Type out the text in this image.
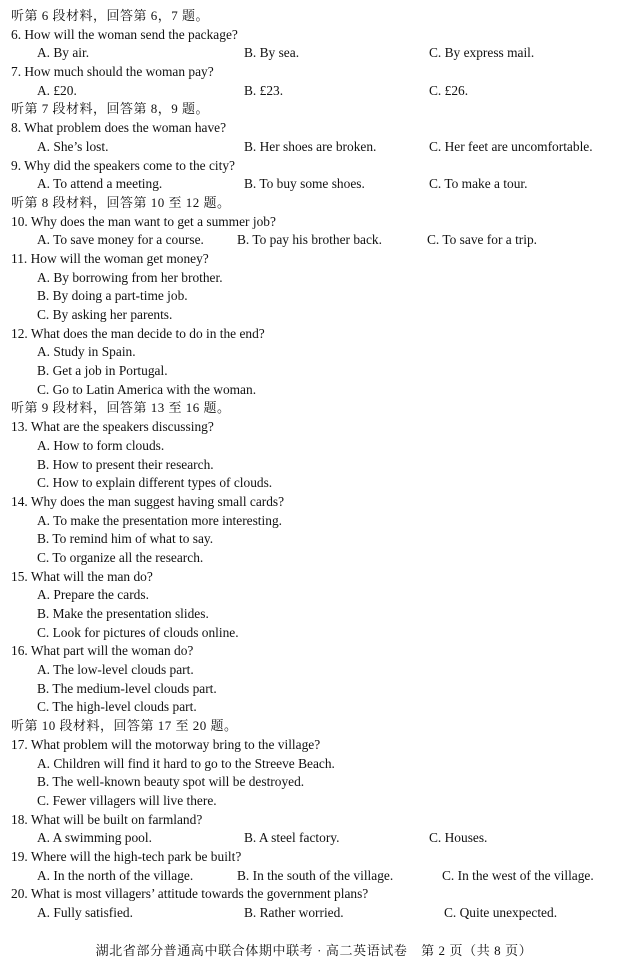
听第 6 段材料，回答第 6，7 题。
6. How will the woman send the package?
A. By air.	B. By sea.	C. By express mail.
7. How much should the woman pay?
A. £20.	B. £23.	C. £26.
听第 7 段材料，回答第 8，9 题。
8. What problem does the woman have?
A. She’s lost.	B. Her shoes are broken.	C. Her feet are uncomfortable.
9. Why did the speakers come to the city?
A. To attend a meeting.	B. To buy some shoes.	C. To make a tour.
听第 8 段材料，回答第 10 至 12 题。
10. Why does the man want to get a summer job?
A. To save money for a course. B. To pay his brother back.	C. To save for a trip.
11. How will the woman get money?
A. By borrowing from her brother.
B. By doing a part-time job.
C. By asking her parents.
12. What does the man decide to do in the end?
A. Study in Spain.
B. Get a job in Portugal.
C. Go to Latin America with the woman.
听第 9 段材料，回答第 13 至 16 题。
13. What are the speakers discussing?
A. How to form clouds.
B. How to present their research.
C. How to explain different types of clouds.
14. Why does the man suggest having small cards?
A. To make the presentation more interesting.
B. To remind him of what to say.
C. To organize all the research.
15. What will the man do?
A. Prepare the cards.
B. Make the presentation slides.
C. Look for pictures of clouds online.
16. What part will the woman do?
A. The low-level clouds part.
B. The medium-level clouds part.
C. The high-level clouds part.
听第 10 段材料，回答第 17 至 20 题。
17. What problem will the motorway bring to the village?
A. Children will find it hard to go to the Streeve Beach.
B. The well-known beauty spot will be destroyed.
C. Fewer villagers will live there.
18. What will be built on farmland?
A. A swimming pool.	B. A steel factory.	C. Houses.
19. Where will the high-tech park be built?
A. In the north of the village.	B. In the south of the village.	C. In the west of the village.
20. What is most villagers’ attitude towards the government plans?
A. Fully satisfied.	B. Rather worried.	C. Quite unexpected.
湖北省部分普通高中联合体期中联考 · 高二英语试卷　第 2 页（共 8 页）
